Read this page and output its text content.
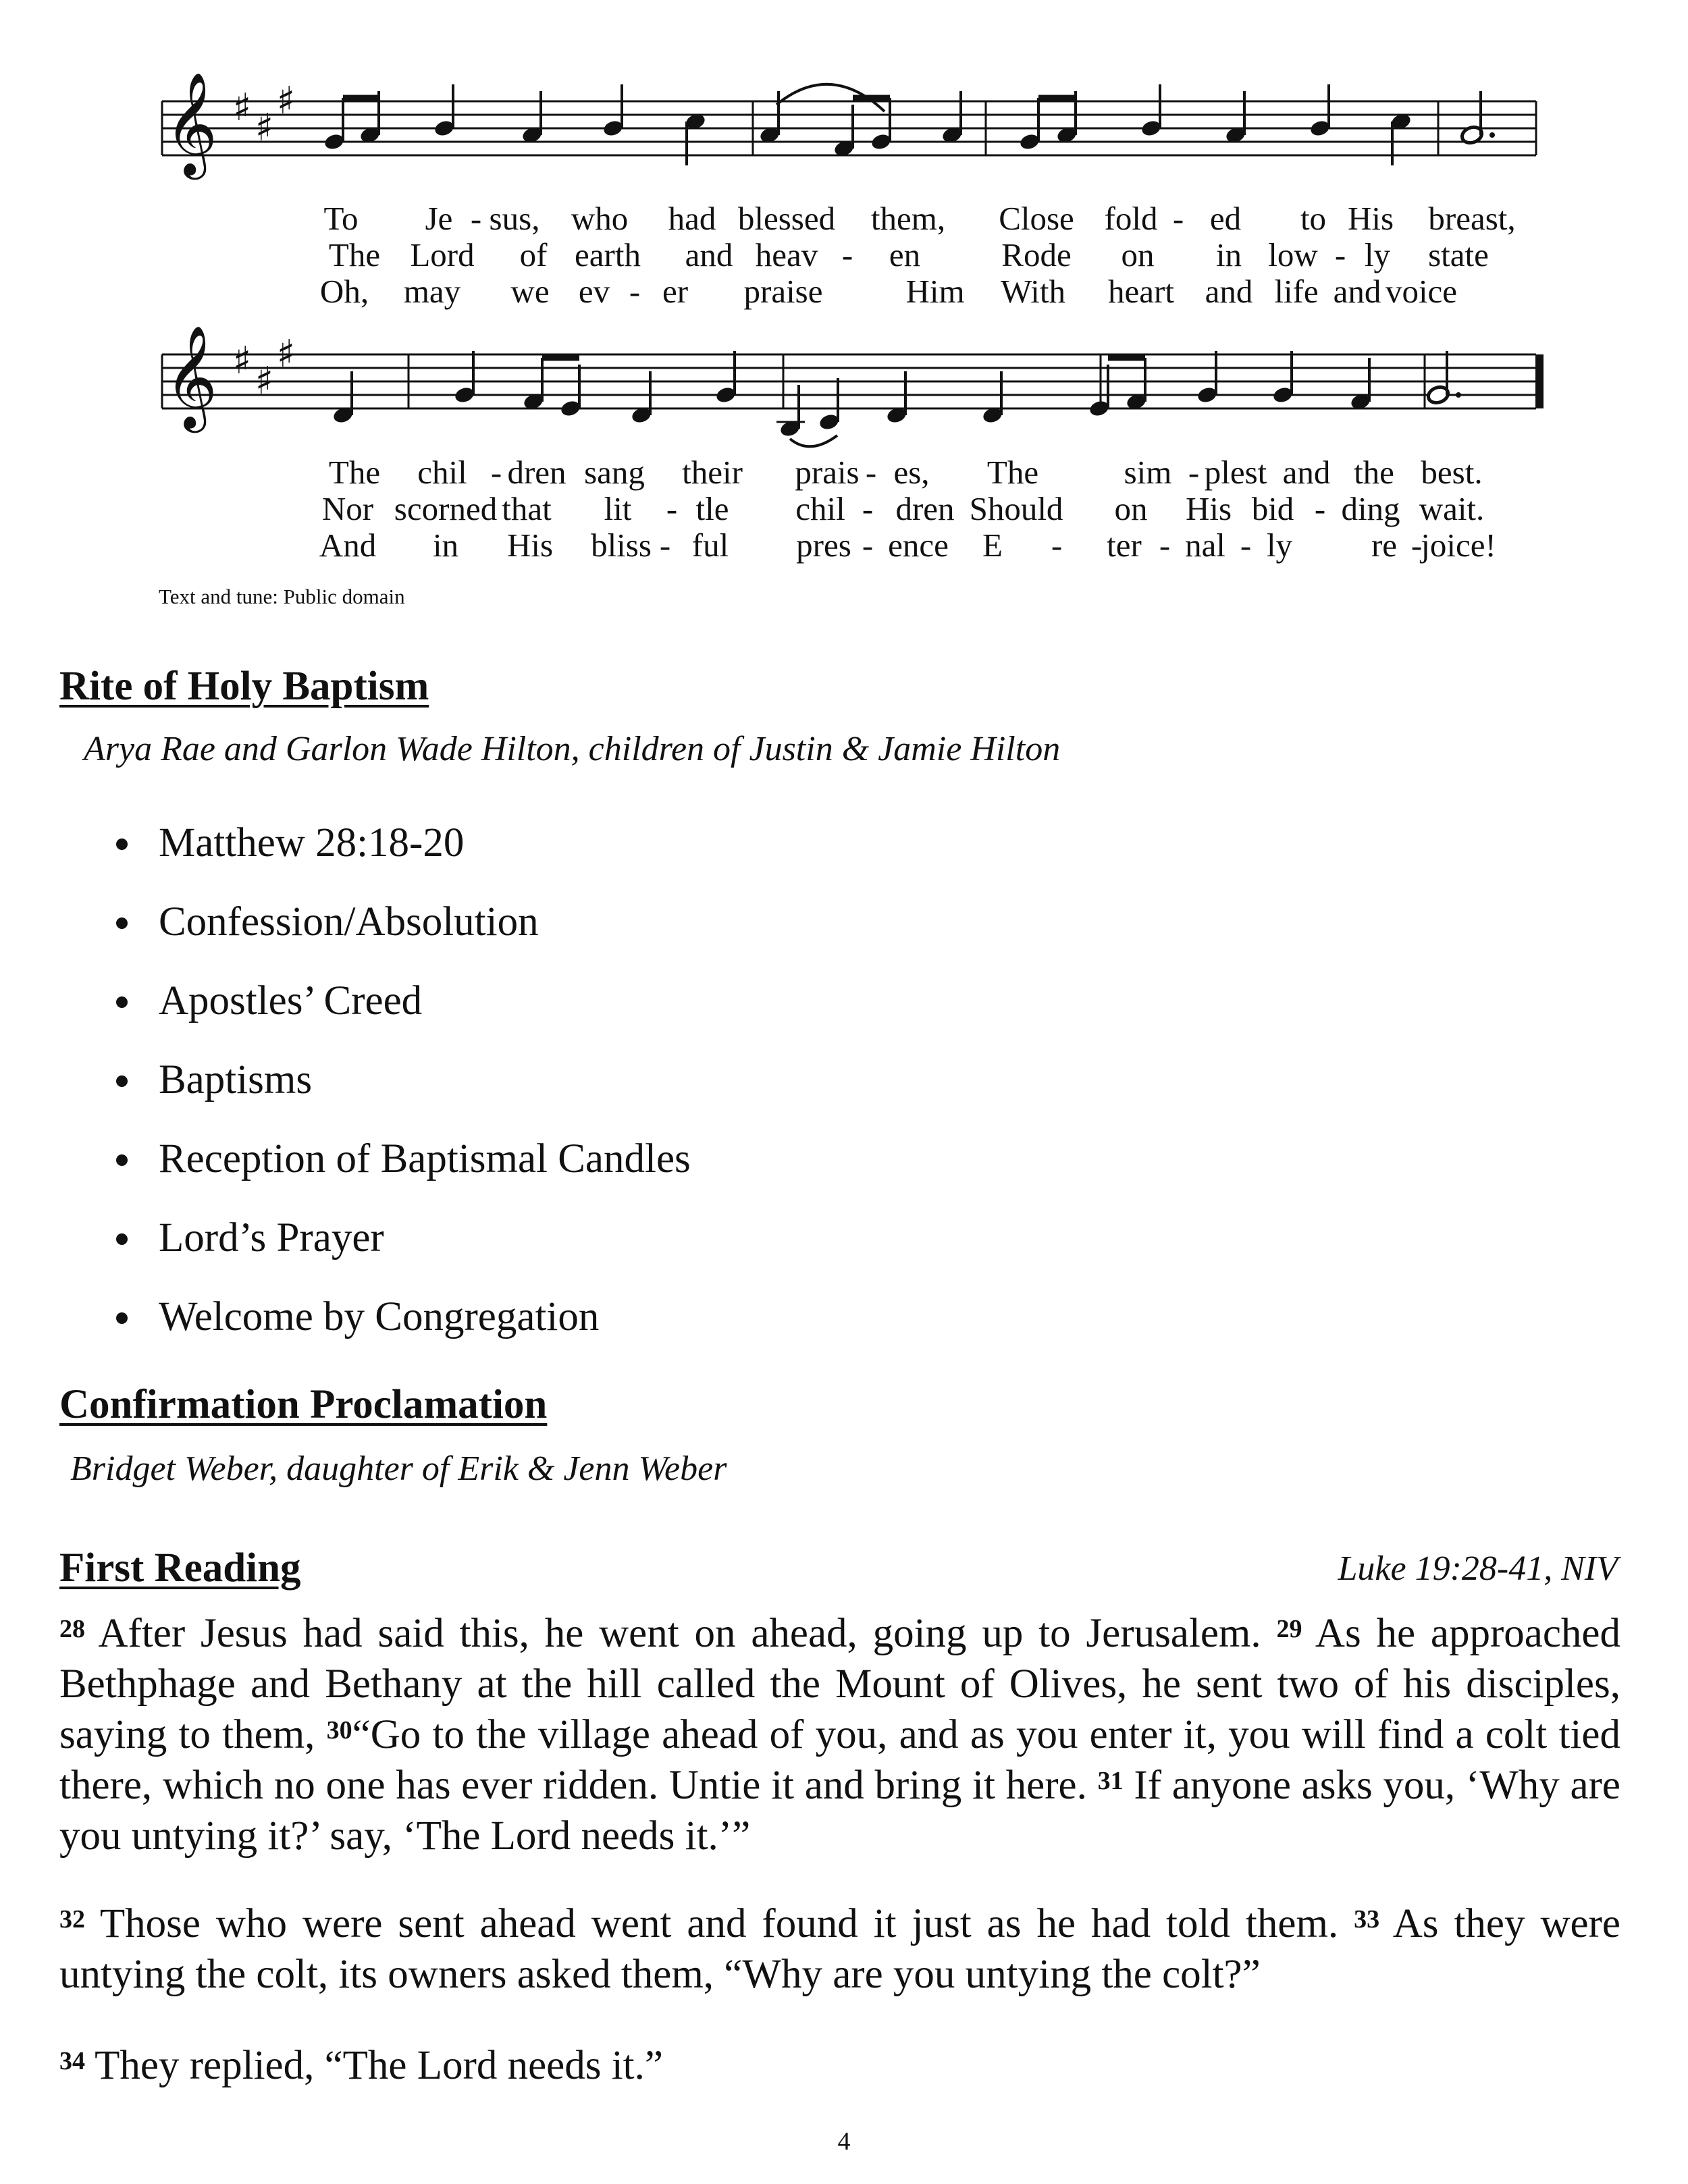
𝄞 ♯ ♯
♯
𝄞 ♯ ♯
♯
To Je - sus, who had blessed them, Close fold - ed to His breast,
The Lord of earth and heav - en Rode on in low - ly state
Oh, may we ev - er praise	Him With heart and life and voice
The chil - dren sang their prais - es, The	sim - plest and the best.
Nor scorned that lit - tle chil - dren Should on His bid - ding wait.
And in His bliss - ful pres - ence E - ter - nal - ly re -
joice!
Text and tune: Public domain
Rite of Holy Baptism
Arya Rae and Garlon Wade Hilton, children of Justin & Jamie Hilton
Matthew 28:18-20
Confession/Absolution
Apostles’ Creed
Baptisms
Reception of Baptismal Candles
Lord’s Prayer
Welcome by Congregation
Confirmation Proclamation
Bridget Weber, daughter of Erik & Jenn Weber
First Reading	Luke 19:28-41, NIV
$^{28}$ After Jesus had said this, he went on ahead, going up to Jerusalem. $^{29}$ As he approached Bethphage and Bethany at the hill called the Mount of Olives, he sent two of his disciples, saying to them, $^{30}$“Go to the village ahead of you, and as you enter it, you will find a colt tied there, which no one has ever ridden. Untie it and bring it here. $^{31}$ If anyone asks you, ‘Why are you untying it?’ say, ‘The Lord needs it.’”
$^{32}$ Those who were sent ahead went and found it just as he had told them. $^{33}$ As they were untying the colt, its owners asked them, “Why are you untying the colt?”
$^{34}$ They replied, “The Lord needs it.”
4
